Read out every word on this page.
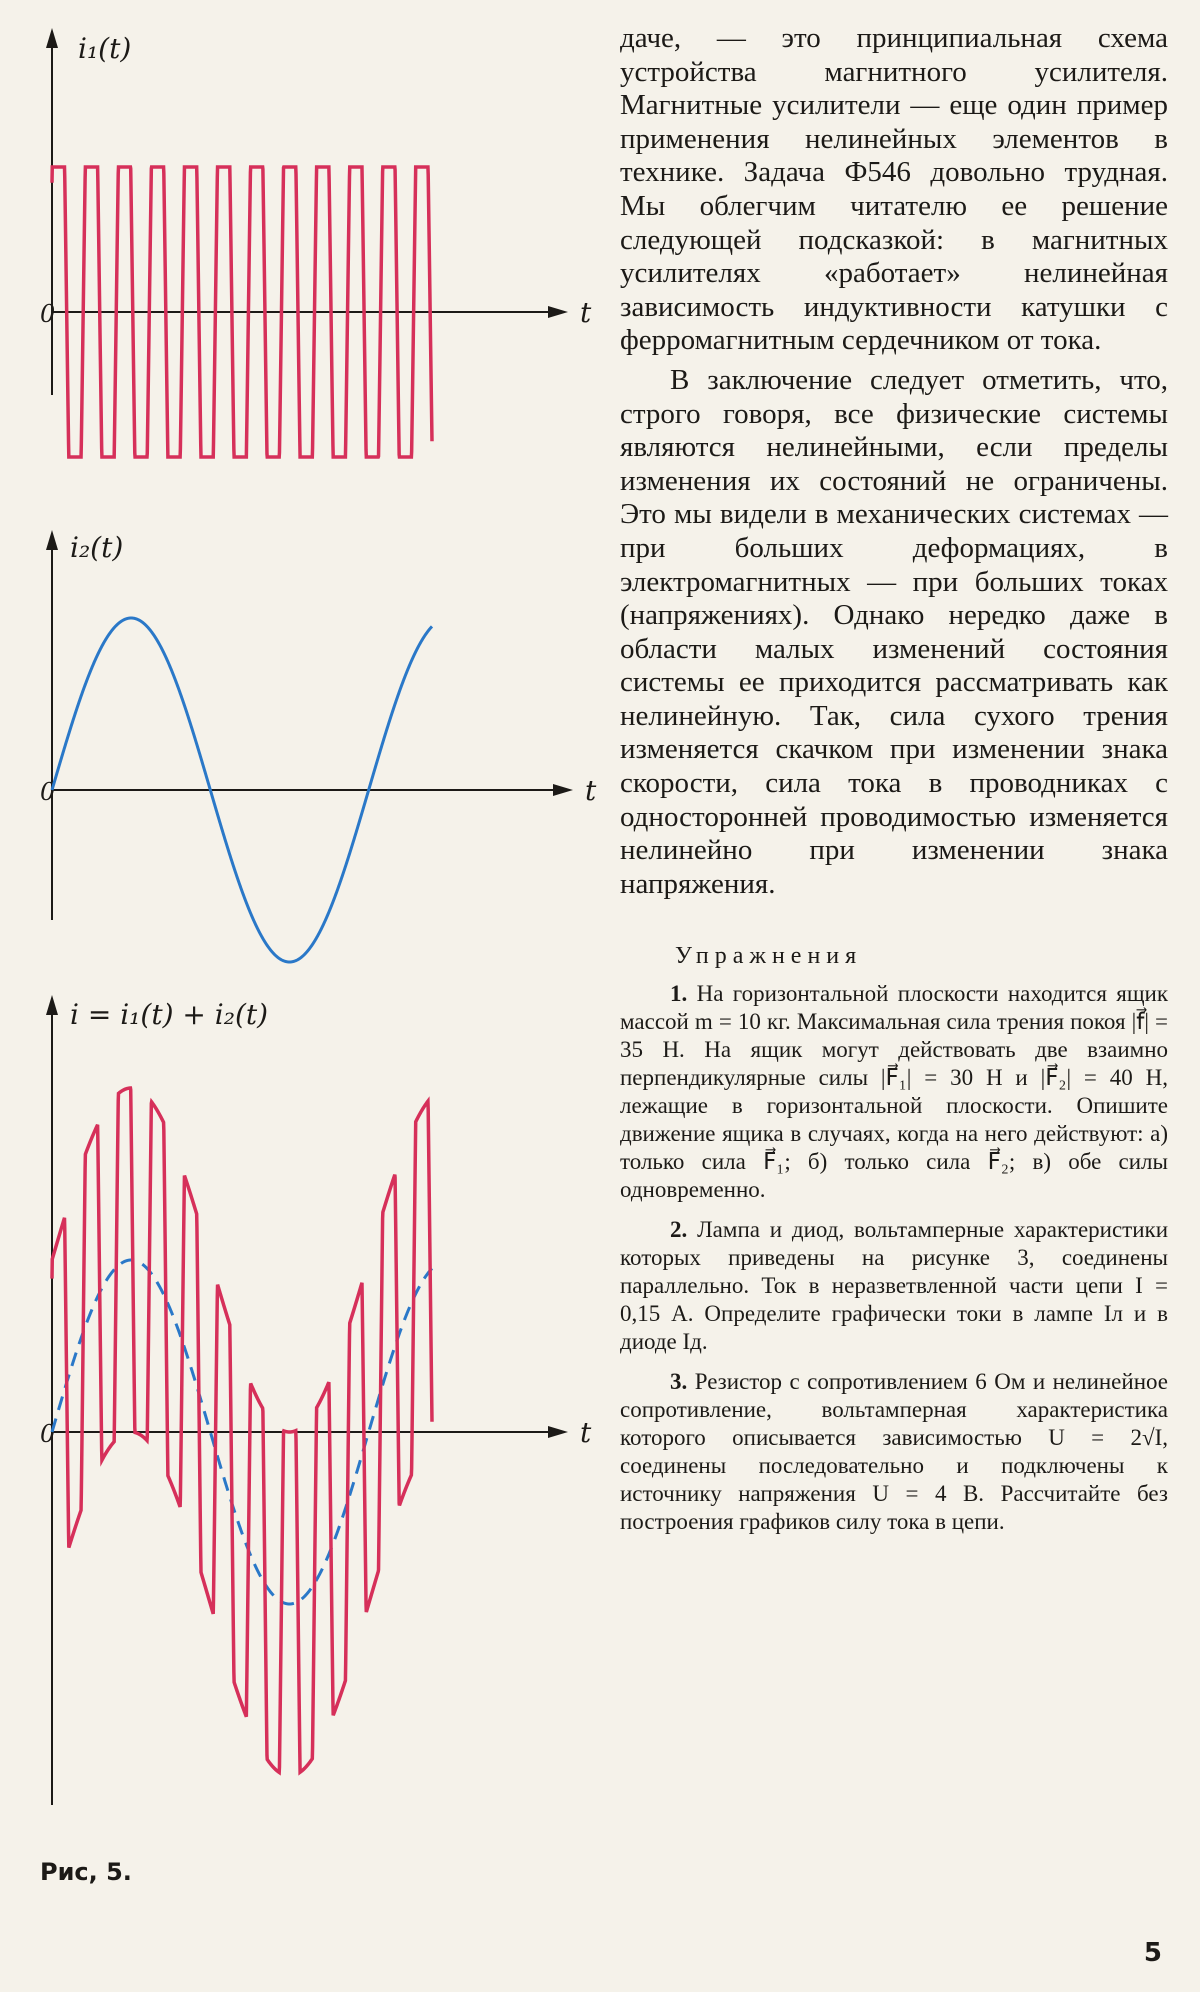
i₁(t)
0	t
i₂(t)
0	t
i = i₁(t) + i₂(t)
0	t
Рис, 5.

даче, — это принципиальная схема устройства магнитного усилителя. Магнитные усилители — еще один пример применения нелинейных элементов в технике. Задача Ф546 довольно трудная. Мы облегчим читателю ее решение следующей подсказкой: в магнитных усилителях «работает» нелинейная зависимость индуктивности катушки с ферромагнитным сердечником от тока.

В заключение следует отметить, что, строго говоря, все физические системы являются нелинейными, если пределы изменения их состояний не ограничены. Это мы видели в механических системах — при больших деформациях, в электромагнитных — при больших токах (напряжениях). Однако нередко даже в области малых изменений состояния системы ее приходится рассматривать как нелинейную. Так, сила сухого трения изменяется скачком при изменении знака скорости, сила тока в проводниках с односторонней проводимостью изменяется нелинейно при изменении знака напряжения.

Упражнения

1. На горизонтальной плоскости находится ящик массой m = 10 кг. Максимальная сила трения покоя |f⃗| = 35 Н. На ящик могут действовать две взаимно перпендикулярные силы |F⃗₁| = 30 Н и |F⃗₂| = 40 Н, лежащие в горизонтальной плоскости. Опишите движение ящика в случаях, когда на него действуют: а) только сила F⃗₁; б) только сила F⃗₂; в) обе силы одновременно.

2. Лампа и диод, вольтамперные характеристики которых приведены на рисунке 3, соединены параллельно. Ток в неразветвленной части цепи I = 0,15 А. Определите графически токи в лампе Iл и в диоде Iд.

3. Резистор с сопротивлением 6 Ом и нелинейное сопротивление, вольтамперная характеристика которого описывается зависимостью U = 2√I, соединены последовательно и подключены к источнику напряжения U = 4 В. Рассчитайте без построения графиков силу тока в цепи.

5
